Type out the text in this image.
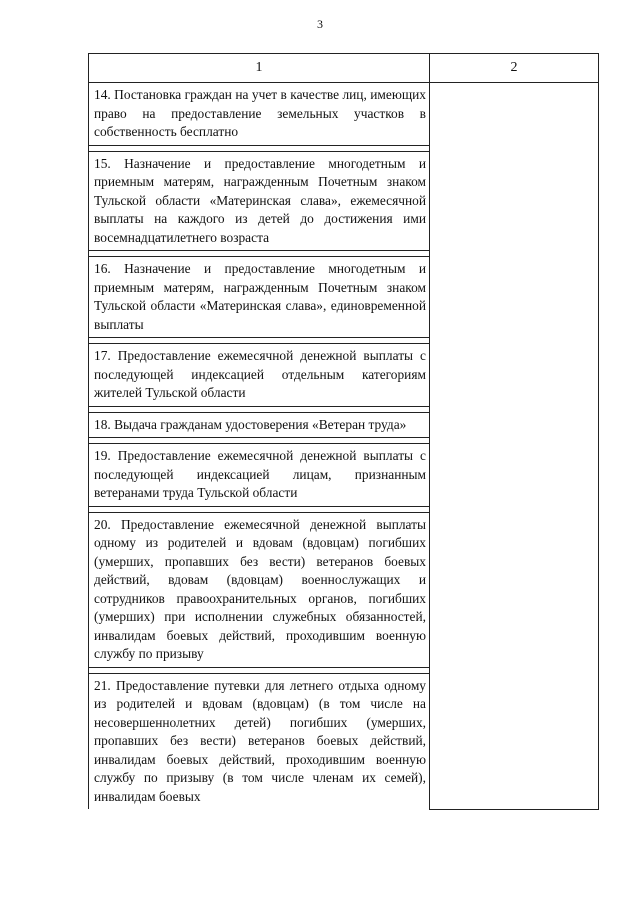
3
1	2
14. Постановка граждан на учет в качестве лиц, имеющих право на предоставление земельных участков в собственность бесплатно	

15. Назначение и предоставление многодетным и приемным матерям, награжденным Почетным знаком Тульской области «Материнская слава», ежемесячной выплаты на каждого из детей до достижения ими восемнадцатилетнего возраста	

16. Назначение и предоставление многодетным и приемным матерям, награжденным Почетным знаком Тульской области «Материнская слава», единовременной выплаты	

17. Предоставление ежемесячной денежной выплаты с последующей индексацией отдельным категориям жителей Тульской области	

18. Выдача гражданам удостоверения «Ветеран труда»	

19. Предоставление ежемесячной денежной выплаты с последующей индексацией лицам, признанным ветеранами труда Тульской области	

20. Предоставление ежемесячной денежной выплаты одному из родителей и вдовам (вдовцам) погибших (умерших, пропавших без вести) ветеранов боевых действий, вдовам (вдовцам) военнослужащих и сотрудников правоохранительных органов, погибших (умерших) при исполнении служебных обязанностей, инвалидам боевых действий, проходившим военную службу по призыву	

21. Предоставление путевки для летнего отдыха одному из родителей и вдовам (вдовцам) (в том числе на несовершеннолетних детей) погибших (умерших, пропавших без вести) ветеранов боевых действий, инвалидам боевых действий, проходившим военную службу по призыву (в том числе членам их семей), инвалидам боевых	
